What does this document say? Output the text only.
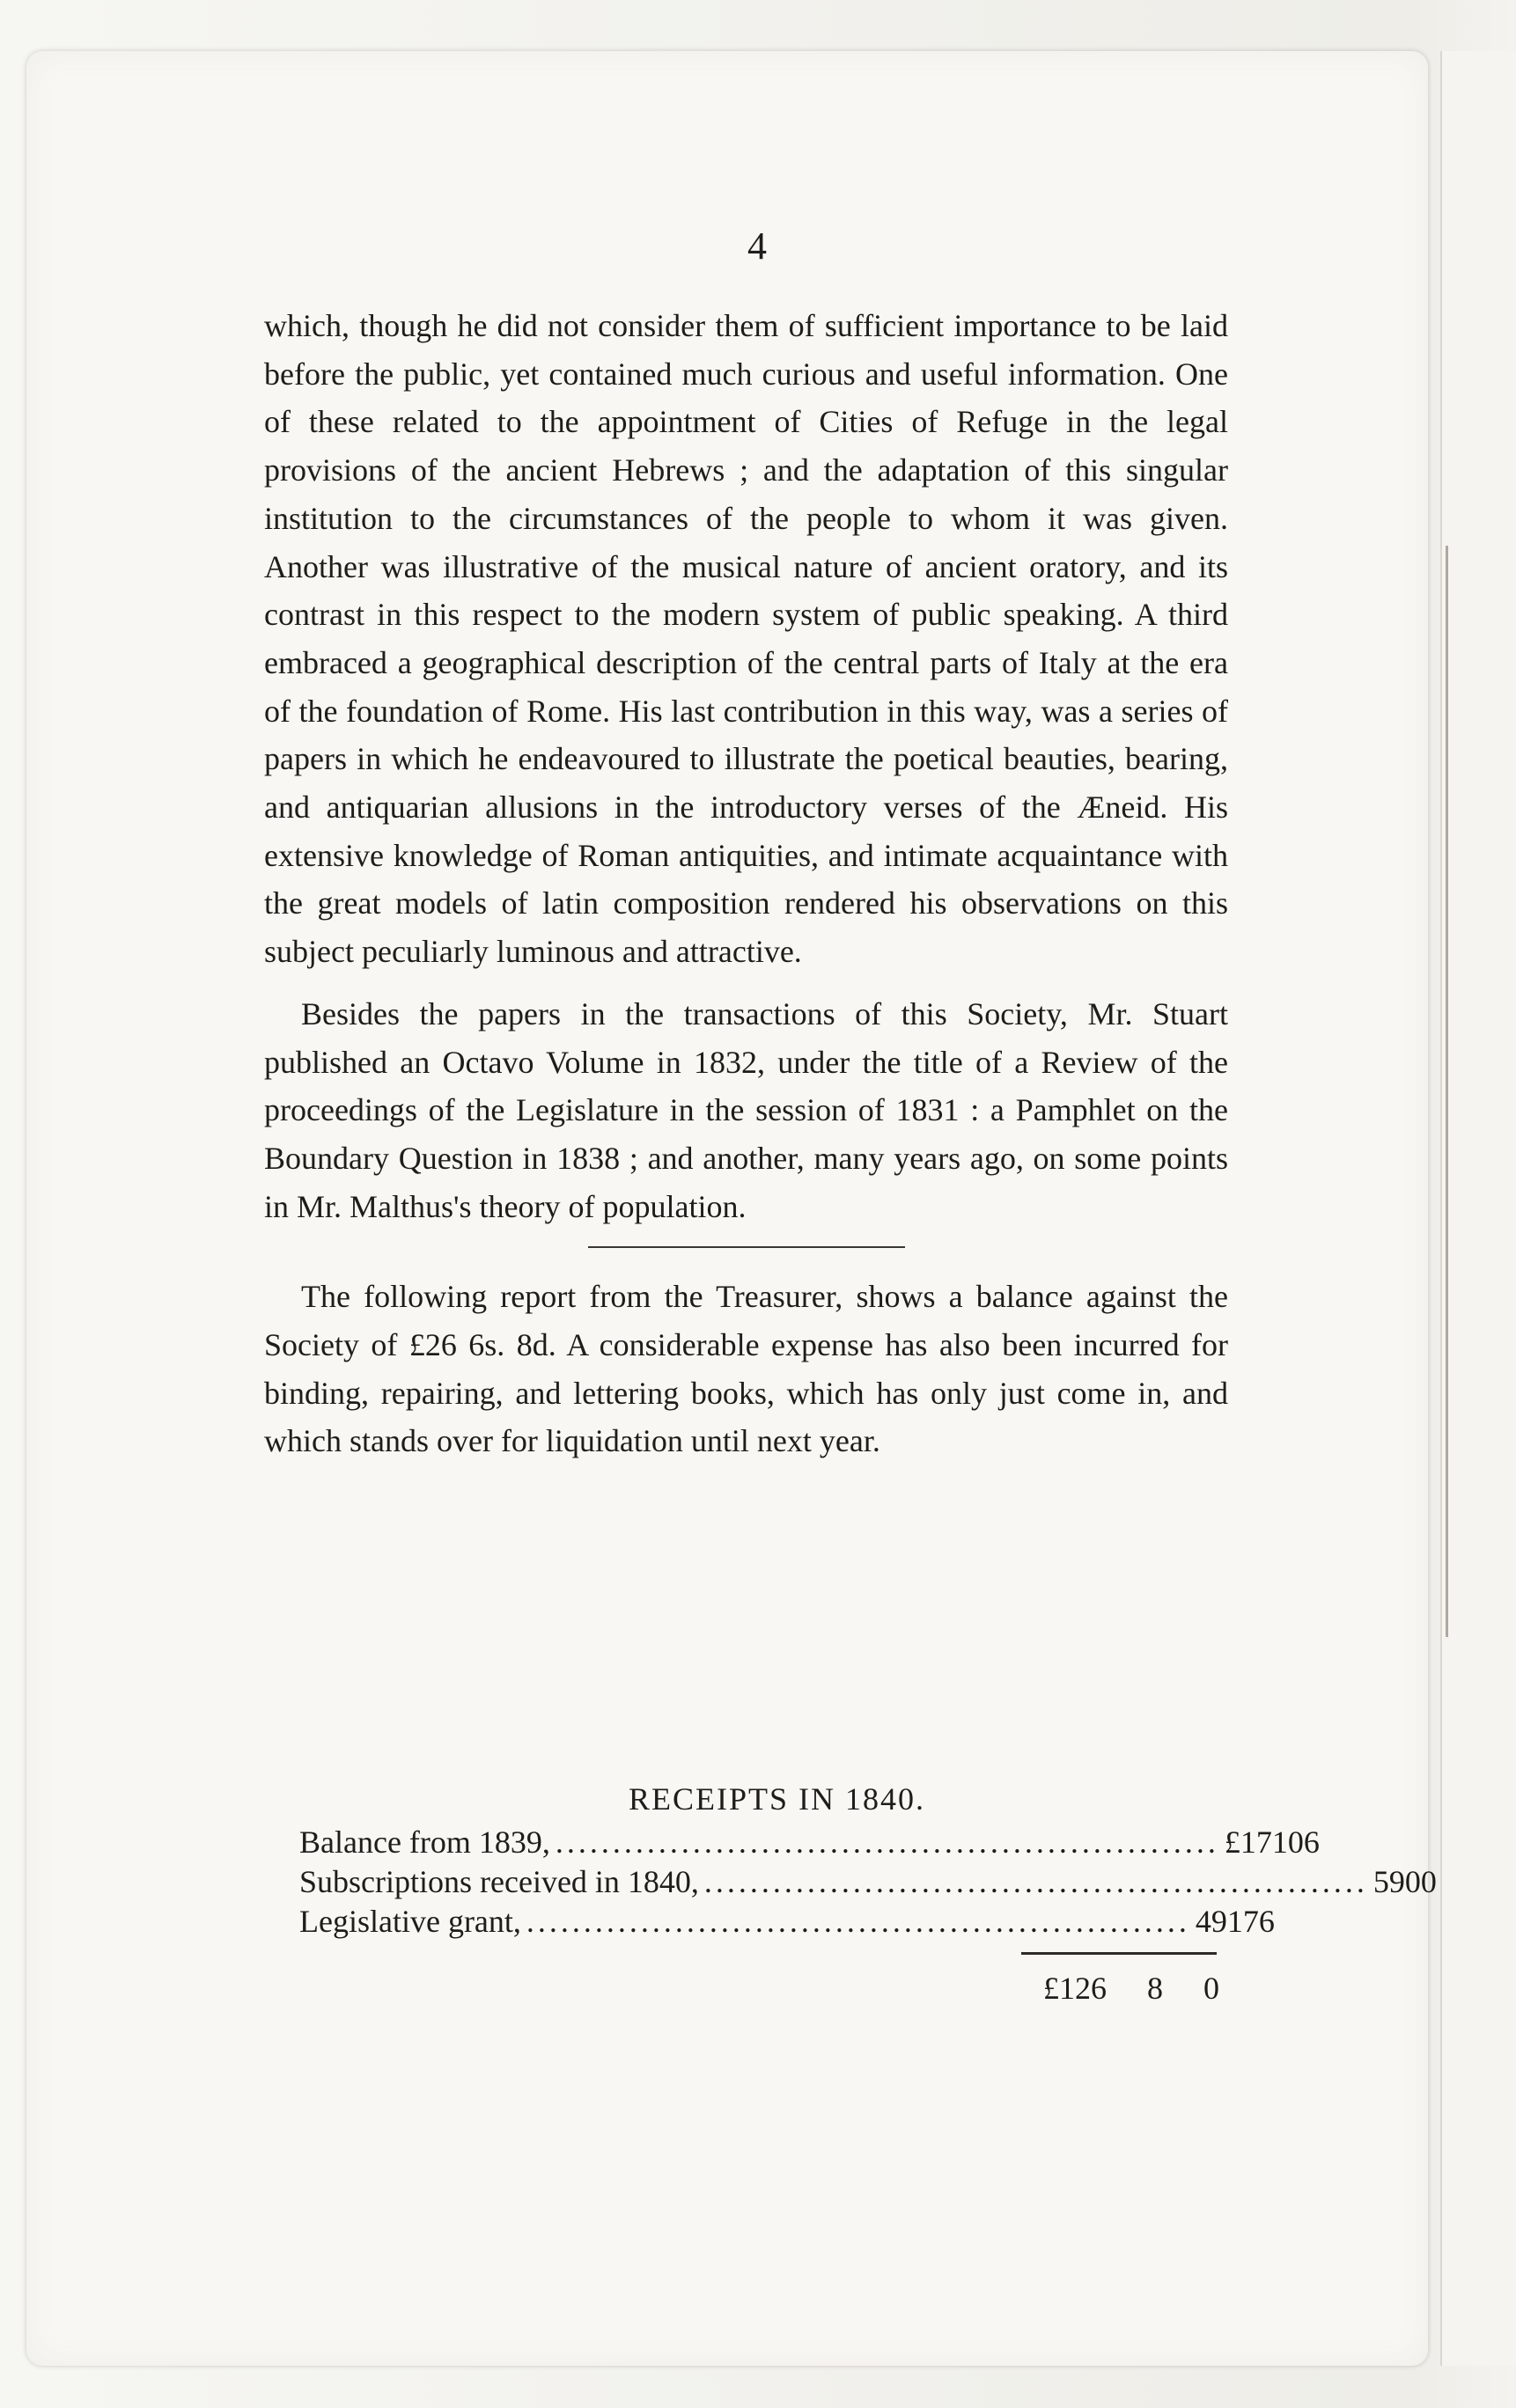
4

which, though he did not consider them of sufficient importance to be laid before the public, yet contained much curious and useful information. One of these related to the appointment of Cities of Refuge in the legal provisions of the ancient Hebrews ; and the adaptation of this singular institution to the circumstances of the people to whom it was given. Another was illustrative of the musical nature of ancient oratory, and its contrast in this respect to the modern system of public speaking. A third embraced a geographical description of the central parts of Italy at the era of the foundation of Rome. His last contribution in this way, was a series of papers in which he endeavoured to illustrate the poetical beauties, bearing, and antiquarian allusions in the introductory verses of the Æneid. His extensive knowledge of Roman antiquities, and intimate acquaintance with the great models of latin composition rendered his observations on this subject peculiarly luminous and attractive.

Besides the papers in the transactions of this Society, Mr. Stuart published an Octavo Volume in 1832, under the title of a Review of the proceedings of the Legislature in the session of 1831 : a Pamphlet on the Boundary Question in 1838 ; and another, many years ago, on some points in Mr. Malthus's theory of population.

The following report from the Treasurer, shows a balance against the Society of £26 6s. 8d. A considerable expense has also been incurred for binding, repairing, and lettering books, which has only just come in, and which stands over for liquidation until next year.

RECEIPTS IN 1840.
Balance from 1839, .......................................................... £17 10 6
Subscriptions received in 1840, .......................................................... 59 0 0
Legislative grant, .......................................................... 49 17 6
£126	8	0
